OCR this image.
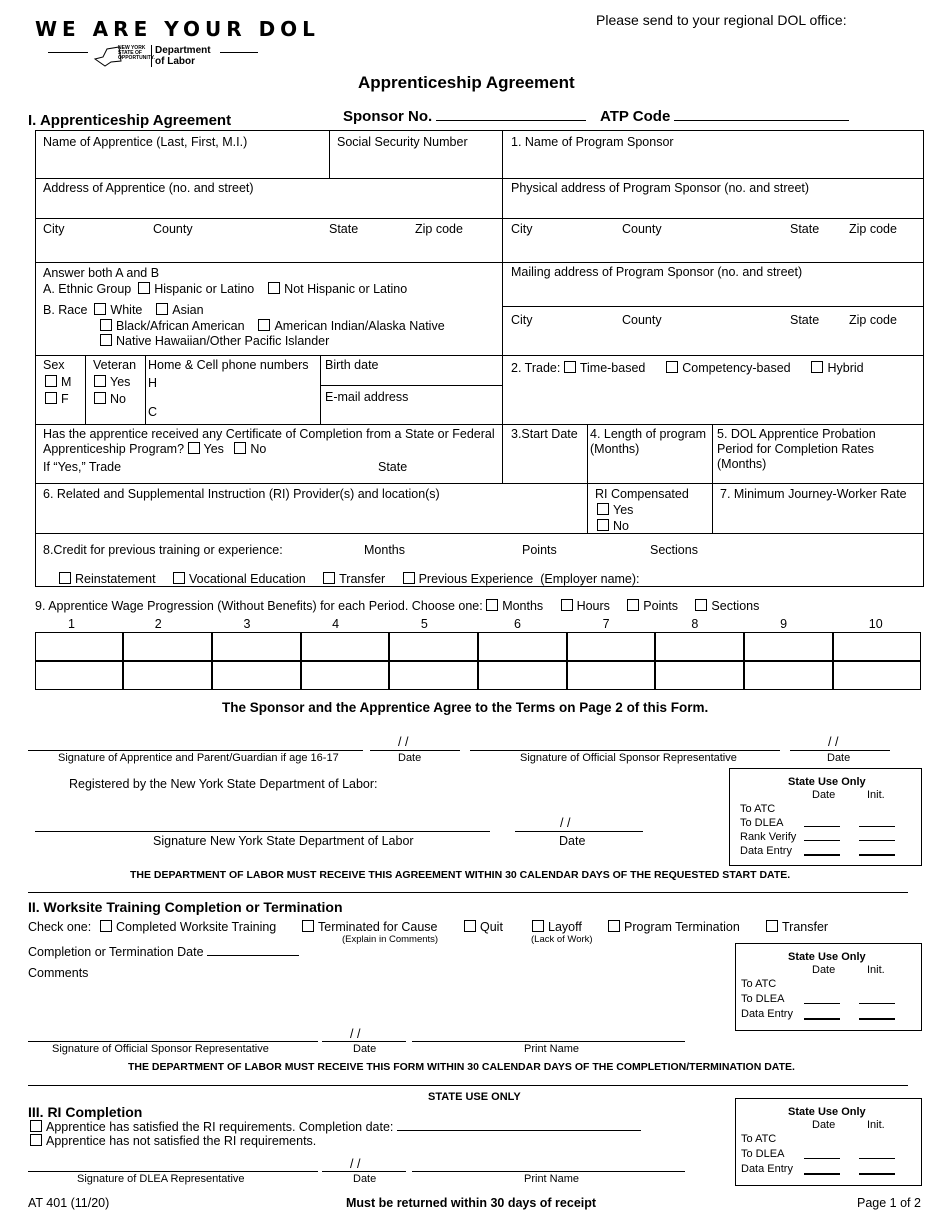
WE ARE YOUR DOL
NEW YORK STATE OF OPPORTUNITY.
Department of Labor
Please send to your regional DOL office:
Apprenticeship Agreement
I. Apprenticeship Agreement	Sponsor No.	ATP Code
Name of Apprentice (Last, First, M.I.)	Social Security Number	1. Name of Program Sponsor
Address of Apprentice (no. and street)	Physical address of Program Sponsor (no. and street)
City	County	State	Zip code	City	County	State Zip code
Answer both A and B
A. Ethnic Group Hispanic or Latino Not Hispanic or Latino
B. Race White Asian
Black/African American American Indian/Alaska Native
Native Hawaiian/Other Pacific Islander
Mailing address of Program Sponsor (no. and street)
City	County	State Zip code
Sex
M
F
Veteran
Yes
No
Home & Cell phone numbers
H
C
Birth date
E-mail address
2. Trade: Time-based	Competency-based	Hybrid
Has the apprentice received any Certificate of Completion from a State or Federal
Apprenticeship Program? Yes No
If “Yes,” Trade	State
3.Start Date 4. Length of program
(Months)
5. DOL Apprentice Probation
Period for Completion Rates
(Months)
6. Related and Supplemental Instruction (RI) Provider(s) and location(s)	RI Compensated
Yes
No
7. Minimum Journey-Worker Rate
8.Credit for previous training or experience:	Months	Points	Sections
Reinstatement	Vocational Education	Transfer	Previous Experience (Employer name):
9. Apprentice Wage Progression (Without Benefits) for each Period. Choose one: Months	Hours	Points	Sections
1	2	3	4	5	6	7	8	9	10
The Sponsor and the Apprentice Agree to the Terms on Page 2 of this Form.
/ /	/ /
Signature of Apprentice and Parent/Guardian if age 16-17	Date	Signature of Official Sponsor Representative	Date
Registered by the New York State Department of Labor:
/ /
Signature New York State Department of Labor	Date
State Use Only
Date	Init.
To ATC
To DLEA
Rank Verify
Data Entry
THE DEPARTMENT OF LABOR MUST RECEIVE THIS AGREEMENT WITHIN 30 CALENDAR DAYS OF THE REQUESTED START DATE.
II. Worksite Training Completion or Termination
Check one:	Completed Worksite Training	Terminated for Cause
(Explain in Comments)
Quit	Layoff
(Lack of Work)
Program Termination	Transfer
Completion or Termination Date
Comments
State Use Only
Date	Init.
To ATC
To DLEA
Data Entry
/ /
Signature of Official Sponsor Representative	Date	Print Name
THE DEPARTMENT OF LABOR MUST RECEIVE THIS FORM WITHIN 30 CALENDAR DAYS OF THE COMPLETION/TERMINATION DATE.
STATE USE ONLY
III. RI Completion
Apprentice has satisfied the RI requirements. Completion date:
Apprentice has not satisfied the RI requirements.
State Use Only
Date	Init.
To ATC
To DLEA
Data Entry
/ /
Signature of DLEA Representative	Date	Print Name
AT 401 (11/20)	Must be returned within 30 days of receipt	Page 1 of 2
